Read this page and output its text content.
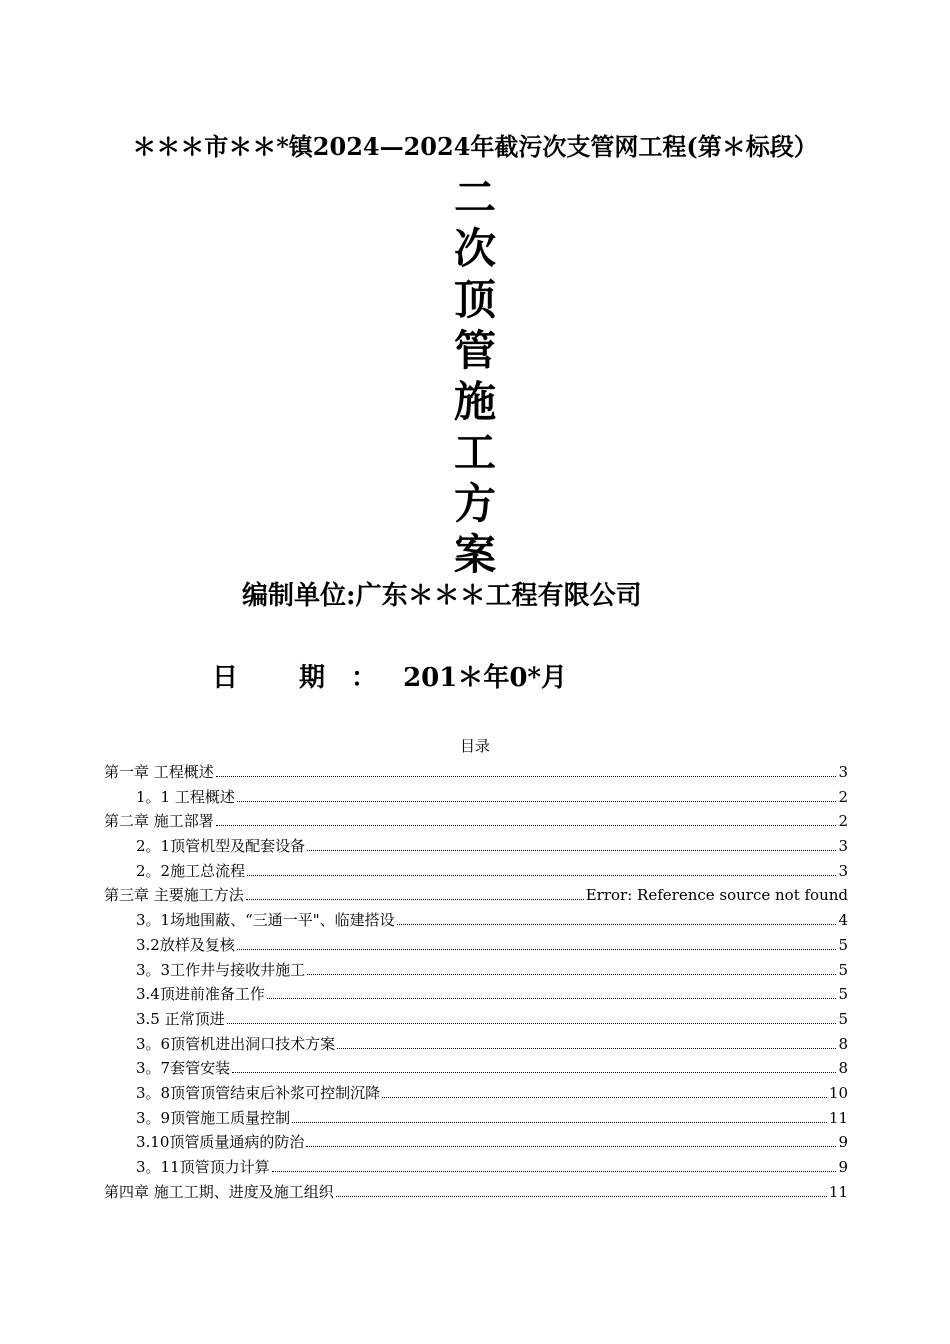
＊＊＊市＊＊*镇2024—2024年截污次支管网工程(第＊标段）
二
次
顶
管
施
工
方
案
编制单位:广东＊＊＊工程有限公司
日 期：201＊年0*月
目录
第一章 工程概述	3
1。1 工程概述	2
第二章 施工部署	2
2。1顶管机型及配套设备	3
2。2施工总流程	3
第三章 主要施工方法	Error: Reference source not found
3。1场地围蔽、“三通一平"、临建搭设	4
3.2放样及复核	5
3。3工作井与接收井施工	5
3.4顶进前准备工作	5
3.5 正常顶进	5
3。6顶管机进出洞口技术方案	8
3。7套管安装	8
3。8顶管顶管结束后补浆可控制沉降	10
3。9顶管施工质量控制	11
3.10顶管质量通病的防治	9
3。11顶管顶力计算	9
第四章 施工工期、进度及施工组织	11
